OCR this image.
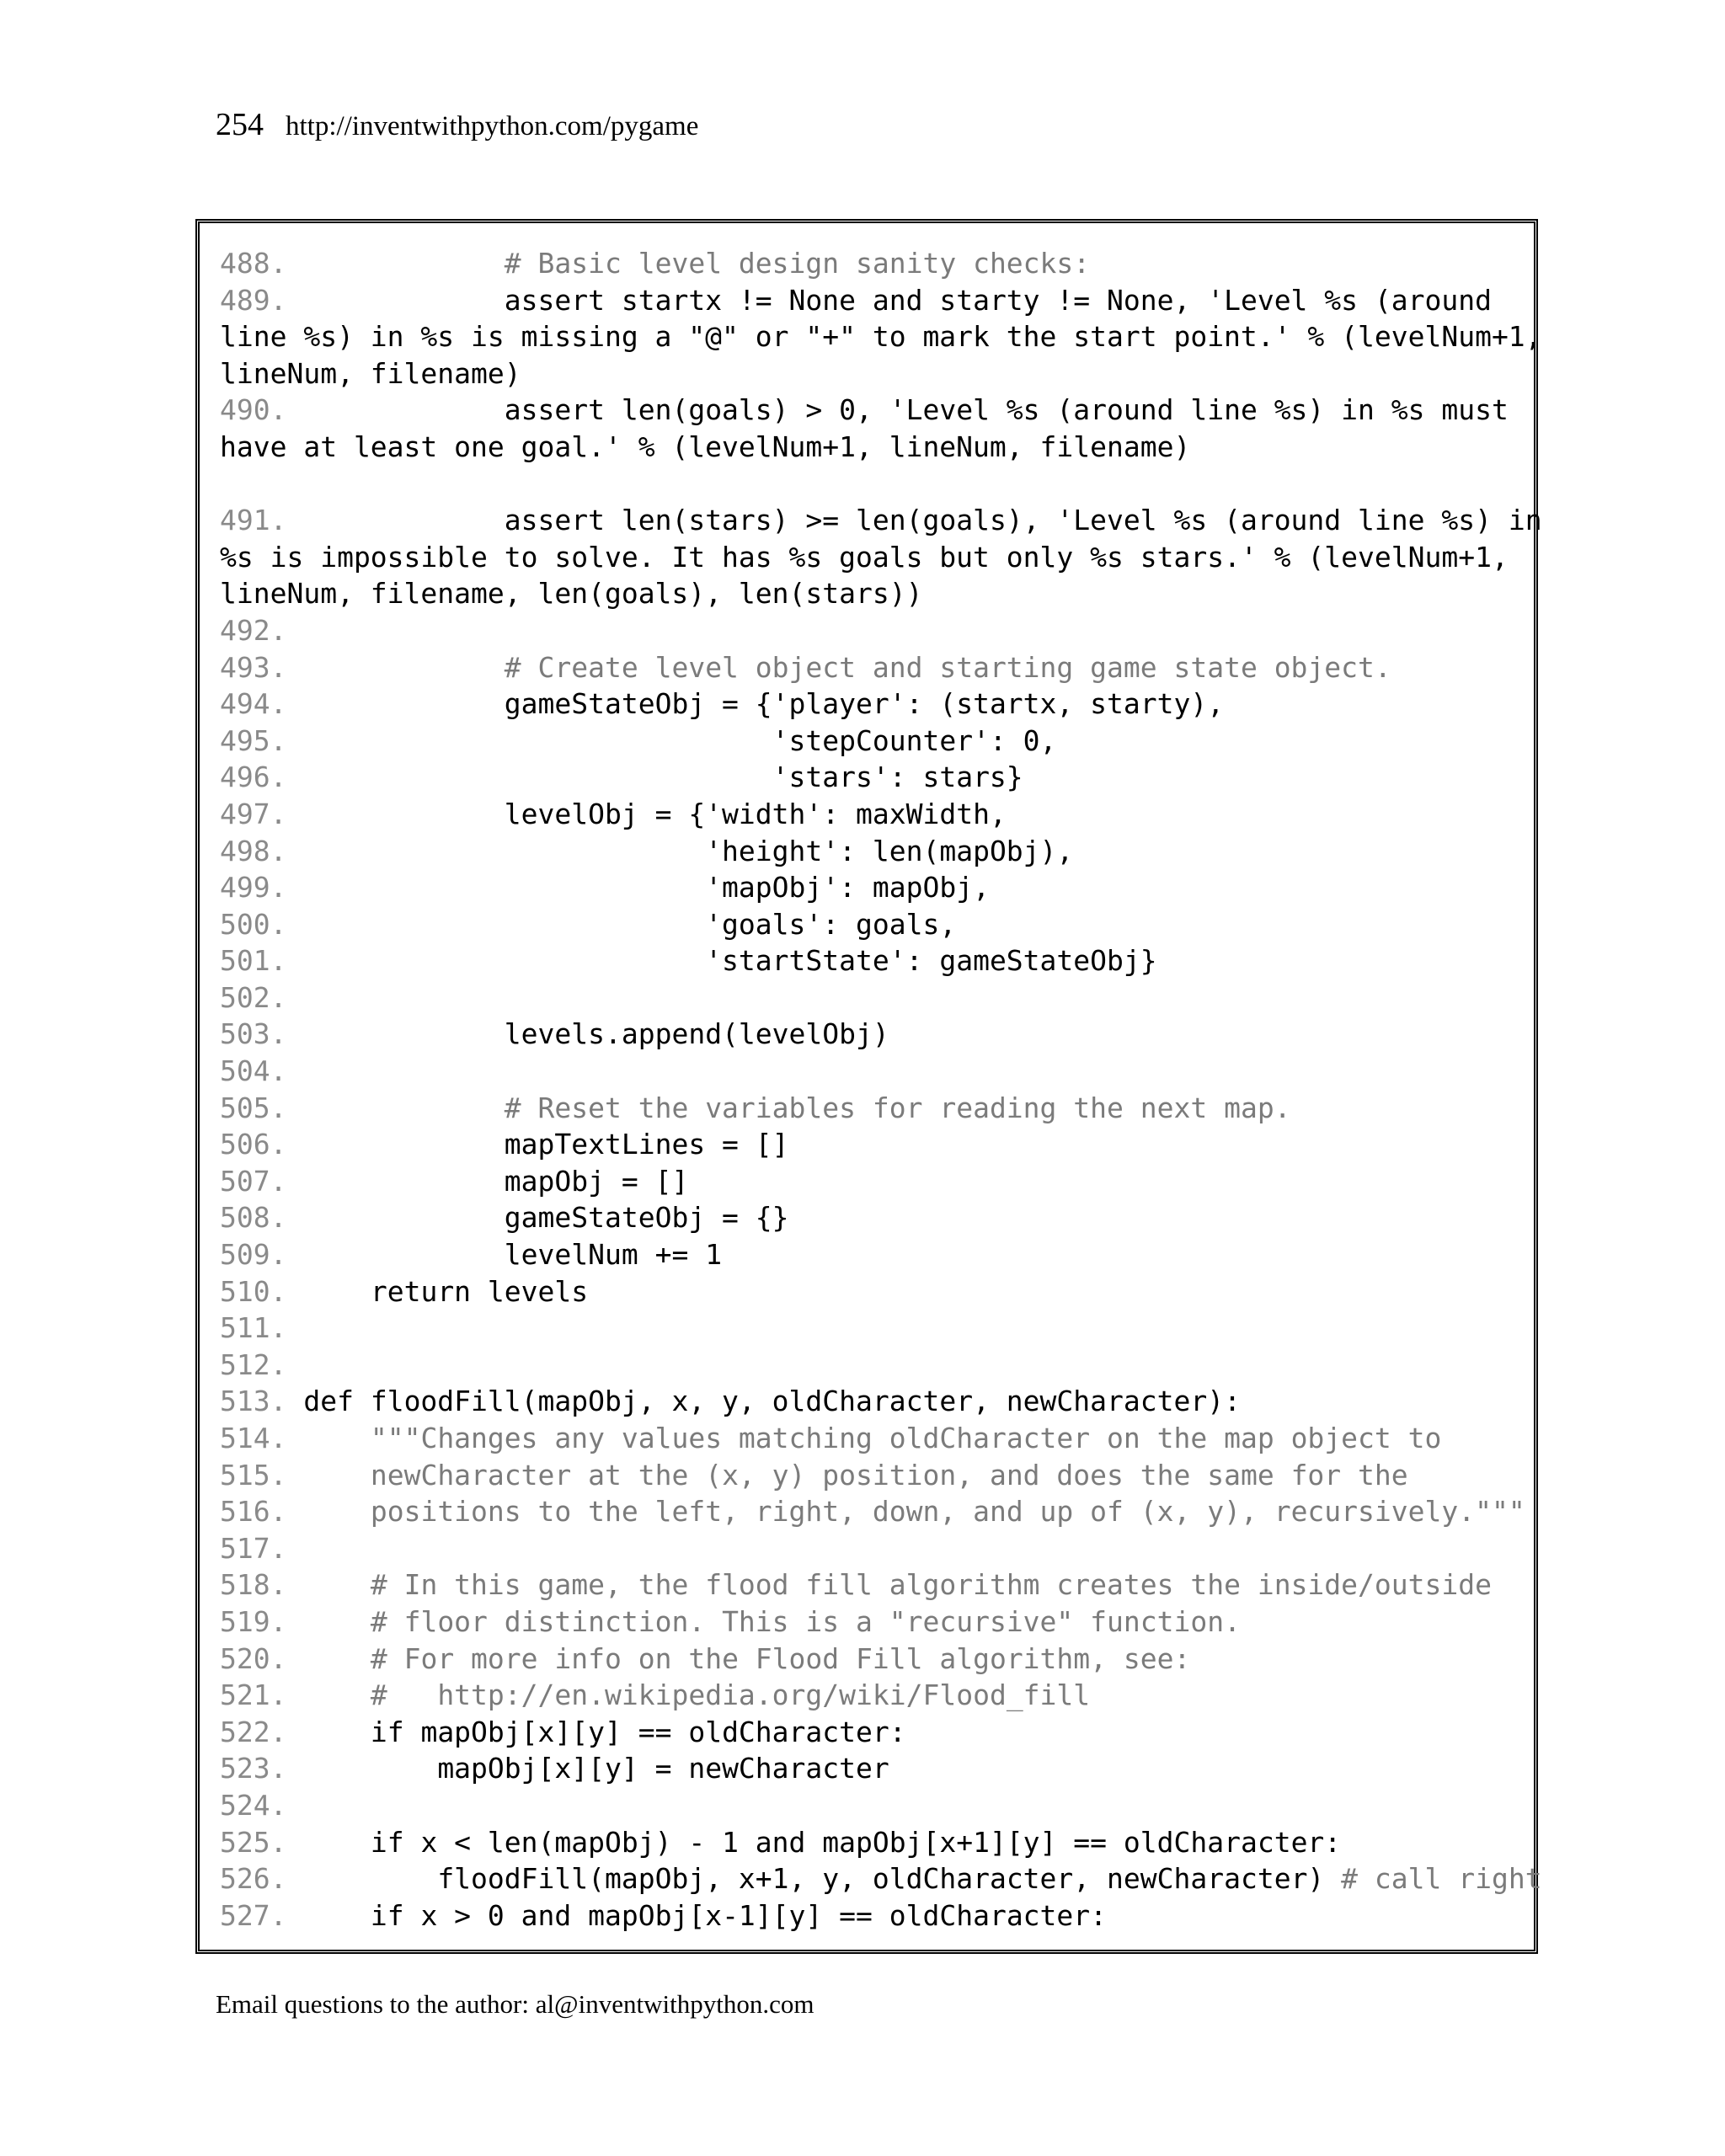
254 http://inventwithpython.com/pygame
488.	# Basic level design sanity checks:
489.	assert startx != None and starty != None, 'Level %s (around
line %s) in %s is missing a "@" or "+" to mark the start point.' % (levelNum+1,
lineNum, filename)
490.	assert len(goals) > 0, 'Level %s (around line %s) in %s must
have at least one goal.' % (levelNum+1, lineNum, filename)
491.	assert len(stars) >= len(goals), 'Level %s (around line %s) in
%s is impossible to solve. It has %s goals but only %s stars.' % (levelNum+1,
lineNum, filename, len(goals), len(stars))
492.
493.	# Create level object and starting game state object.
494.	gameStateObj = {'player': (startx, starty),
495.	'stepCounter': 0,
496.	'stars': stars}
497.	levelObj = {'width': maxWidth,
498.	'height': len(mapObj),
499.	'mapObj': mapObj,
500.	'goals': goals,
501.	'startState': gameStateObj}
502.
503.	levels.append(levelObj)
504.
505.	# Reset the variables for reading the next map.
506.	mapTextLines = []
507.	mapObj = []
508.	gameStateObj = {}
509.	levelNum += 1
510.	return levels
511.
512.
513. def floodFill(mapObj, x, y, oldCharacter, newCharacter):
514.	"""Changes any values matching oldCharacter on the map object to
515.	newCharacter at the (x, y) position, and does the same for the
516.	positions to the left, right, down, and up of (x, y), recursively."""
517.
518.	# In this game, the flood fill algorithm creates the inside/outside
519.	# floor distinction. This is a "recursive" function.
520.	# For more info on the Flood Fill algorithm, see:
521.	#   http://en.wikipedia.org/wiki/Flood_fill
522.	if mapObj[x][y] == oldCharacter:
523.	mapObj[x][y] = newCharacter
524.
525.	if x < len(mapObj) - 1 and mapObj[x+1][y] == oldCharacter:
526.	floodFill(mapObj, x+1, y, oldCharacter, newCharacter) # call right
527.	if x > 0 and mapObj[x-1][y] == oldCharacter:
Email questions to the author: al@inventwithpython.com
